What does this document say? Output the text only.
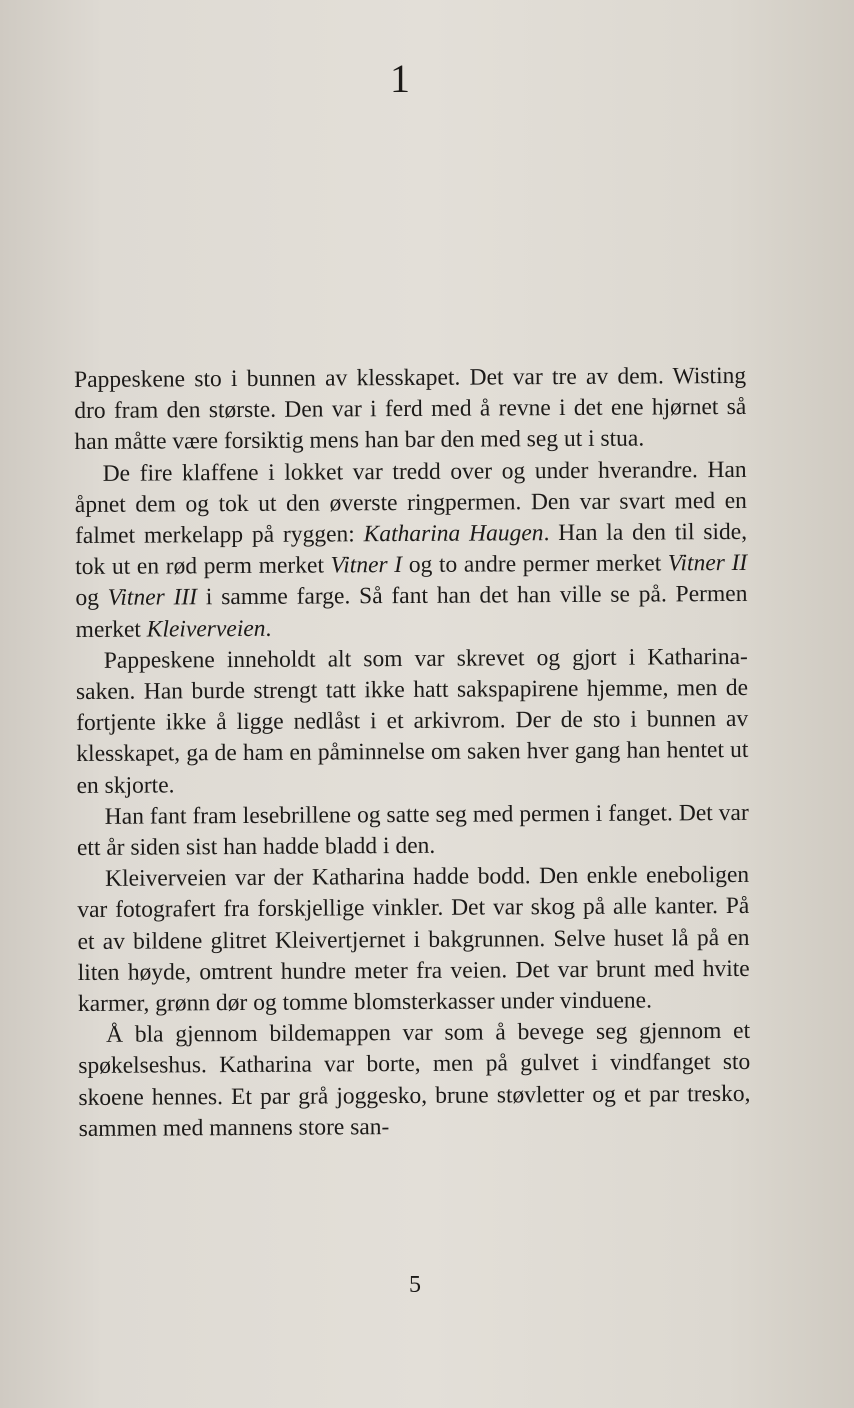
1

Pappeskene sto i bunnen av klesskapet. Det var tre av dem. Wisting dro fram den største. Den var i ferd med å revne i det ene hjørnet så han måtte være forsiktig mens han bar den med seg ut i stua.

De fire klaffene i lokket var tredd over og under hverandre. Han åpnet dem og tok ut den øverste ringpermen. Den var svart med en falmet merkelapp på ryggen: Katharina Haugen. Han la den til side, tok ut en rød perm merket Vitner I og to andre permer merket Vitner II og Vitner III i samme farge. Så fant han det han ville se på. Permen merket Kleiverveien.

Pappeskene inneholdt alt som var skrevet og gjort i Katharina-saken. Han burde strengt tatt ikke hatt sakspapirene hjemme, men de fortjente ikke å ligge nedlåst i et arkivrom. Der de sto i bunnen av klesskapet, ga de ham en påminnelse om saken hver gang han hentet ut en skjorte.

Han fant fram lesebrillene og satte seg med permen i fanget. Det var ett år siden sist han hadde bladd i den.

Kleiverveien var der Katharina hadde bodd. Den enkle eneboligen var fotografert fra forskjellige vinkler. Det var skog på alle kanter. På et av bildene glitret Kleivertjernet i bakgrunnen. Selve huset lå på en liten høyde, omtrent hundre meter fra veien. Det var brunt med hvite karmer, grønn dør og tomme blomsterkasser under vinduene.

Å bla gjennom bildemappen var som å bevege seg gjennom et spøkelseshus. Katharina var borte, men på gulvet i vindfanget sto skoene hennes. Et par grå joggesko, brune støvletter og et par tresko, sammen med mannens store san-

5
